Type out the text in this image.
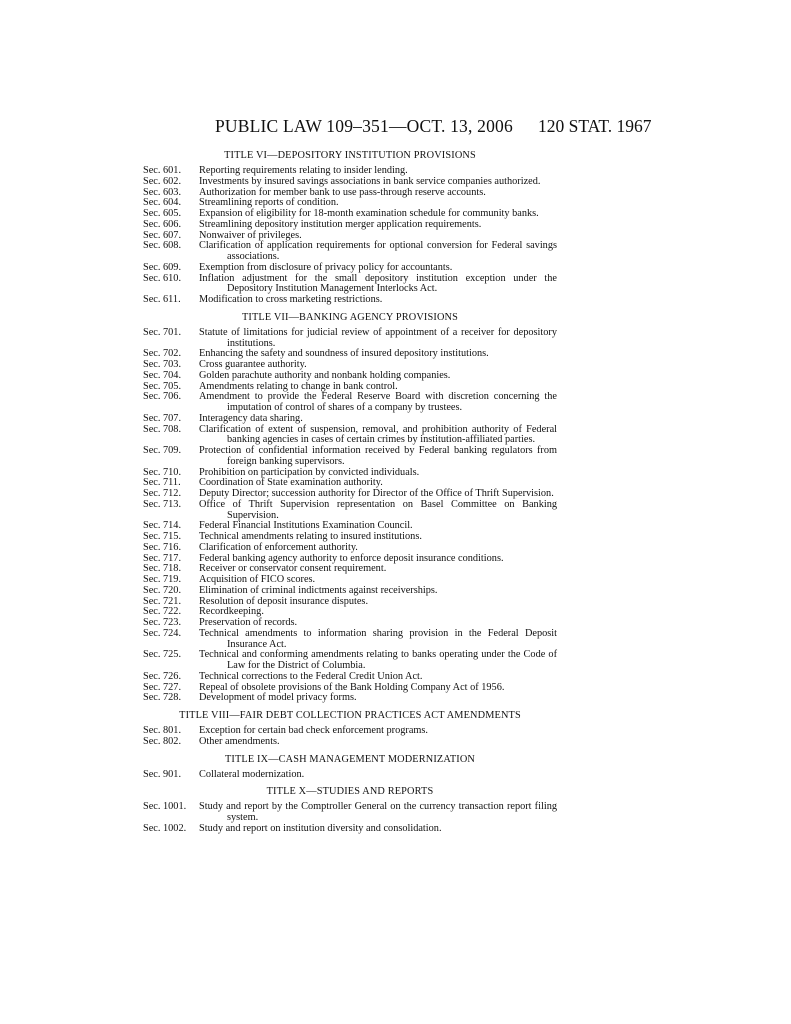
PUBLIC LAW 109–351—OCT. 13, 2006 120 STAT. 1967
TITLE VI—DEPOSITORY INSTITUTION PROVISIONS
Sec. 601.	Reporting requirements relating to insider lending.
Sec. 602.	Investments by insured savings associations in bank service companies authorized.
Sec. 603.	Authorization for member bank to use pass-through reserve accounts.
Sec. 604.	Streamlining reports of condition.
Sec. 605.	Expansion of eligibility for 18-month examination schedule for community banks.
Sec. 606.	Streamlining depository institution merger application requirements.
Sec. 607.	Nonwaiver of privileges.
Sec. 608.	Clarification of application requirements for optional conversion for Federal savings associations.
Sec. 609.	Exemption from disclosure of privacy policy for accountants.
Sec. 610.	Inflation adjustment for the small depository institution exception under the Depository Institution Management Interlocks Act.
Sec. 611.	Modification to cross marketing restrictions.
TITLE VII—BANKING AGENCY PROVISIONS
Sec. 701.	Statute of limitations for judicial review of appointment of a receiver for depository institutions.
Sec. 702.	Enhancing the safety and soundness of insured depository institutions.
Sec. 703.	Cross guarantee authority.
Sec. 704.	Golden parachute authority and nonbank holding companies.
Sec. 705.	Amendments relating to change in bank control.
Sec. 706.	Amendment to provide the Federal Reserve Board with discretion concerning the imputation of control of shares of a company by trustees.
Sec. 707.	Interagency data sharing.
Sec. 708.	Clarification of extent of suspension, removal, and prohibition authority of Federal banking agencies in cases of certain crimes by institution-affiliated parties.
Sec. 709.	Protection of confidential information received by Federal banking regulators from foreign banking supervisors.
Sec. 710.	Prohibition on participation by convicted individuals.
Sec. 711.	Coordination of State examination authority.
Sec. 712.	Deputy Director; succession authority for Director of the Office of Thrift Supervision.
Sec. 713.	Office of Thrift Supervision representation on Basel Committee on Banking Supervision.
Sec. 714.	Federal Financial Institutions Examination Council.
Sec. 715.	Technical amendments relating to insured institutions.
Sec. 716.	Clarification of enforcement authority.
Sec. 717.	Federal banking agency authority to enforce deposit insurance conditions.
Sec. 718.	Receiver or conservator consent requirement.
Sec. 719.	Acquisition of FICO scores.
Sec. 720.	Elimination of criminal indictments against receiverships.
Sec. 721.	Resolution of deposit insurance disputes.
Sec. 722.	Recordkeeping.
Sec. 723.	Preservation of records.
Sec. 724.	Technical amendments to information sharing provision in the Federal Deposit Insurance Act.
Sec. 725.	Technical and conforming amendments relating to banks operating under the Code of Law for the District of Columbia.
Sec. 726.	Technical corrections to the Federal Credit Union Act.
Sec. 727.	Repeal of obsolete provisions of the Bank Holding Company Act of 1956.
Sec. 728.	Development of model privacy forms.
TITLE VIII—FAIR DEBT COLLECTION PRACTICES ACT AMENDMENTS
Sec. 801.	Exception for certain bad check enforcement programs.
Sec. 802.	Other amendments.
TITLE IX—CASH MANAGEMENT MODERNIZATION
Sec. 901.	Collateral modernization.
TITLE X—STUDIES AND REPORTS
Sec. 1001.	Study and report by the Comptroller General on the currency transaction report filing system.
Sec. 1002.	Study and report on institution diversity and consolidation.
